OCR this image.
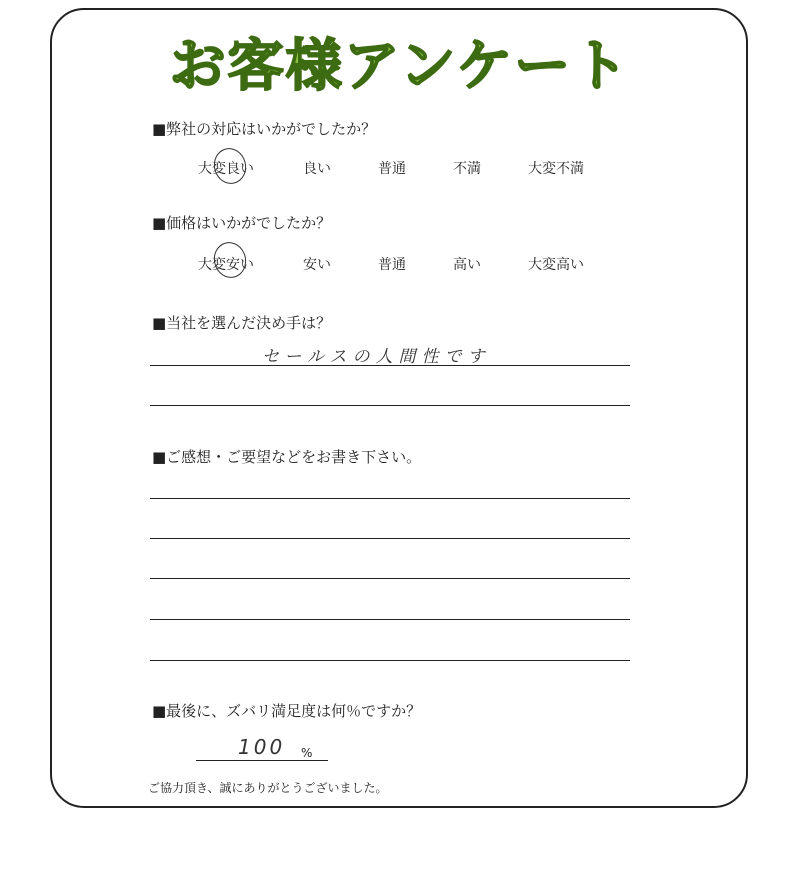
お客様アンケート
■弊社の対応はいかがでしたか？
大変良い	良い	普通	不満	大変不満
■価格はいかがでしたか？
大変安い	安い	普通	高い	大変高い
■当社を選んだ決め手は？
セールスの人間性です
■ご感想・ご要望などをお書き下さい。
■最後に、ズバリ満足度は何％ですか？
100 %
ご協力頂き、誠にありがとうございました。
